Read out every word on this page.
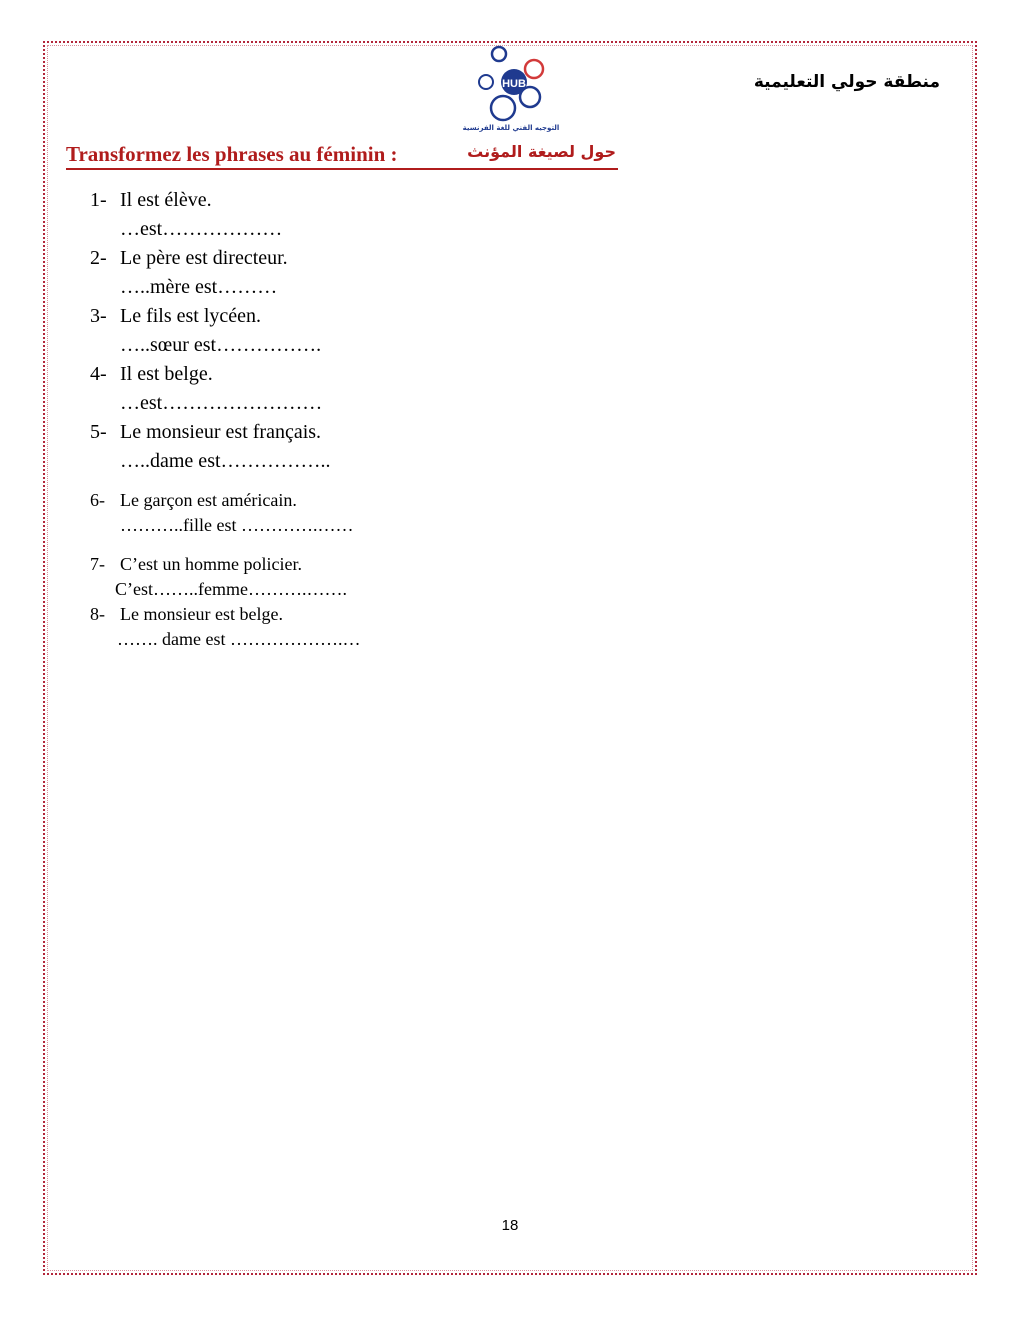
منطقة حولي التعليمية
HUB
التوجيه الفني للغة الفرنسية
Transformez les phrases au féminin :	حول لصيغة المؤنث
1- Il est élève.
…est………………
2- Le père est directeur.
…..mère est………
3- Le fils est lycéen.
…..sœur est…………….
4- Il est belge.
…est……………………
5- Le monsieur est français.
…..dame est……………..
6- Le garçon est américain.
………..fille est ………….……
7- C’est un homme policier.
C’est……..femme……….…….
8- Le monsieur est belge.
……. dame est ……………….…
18
